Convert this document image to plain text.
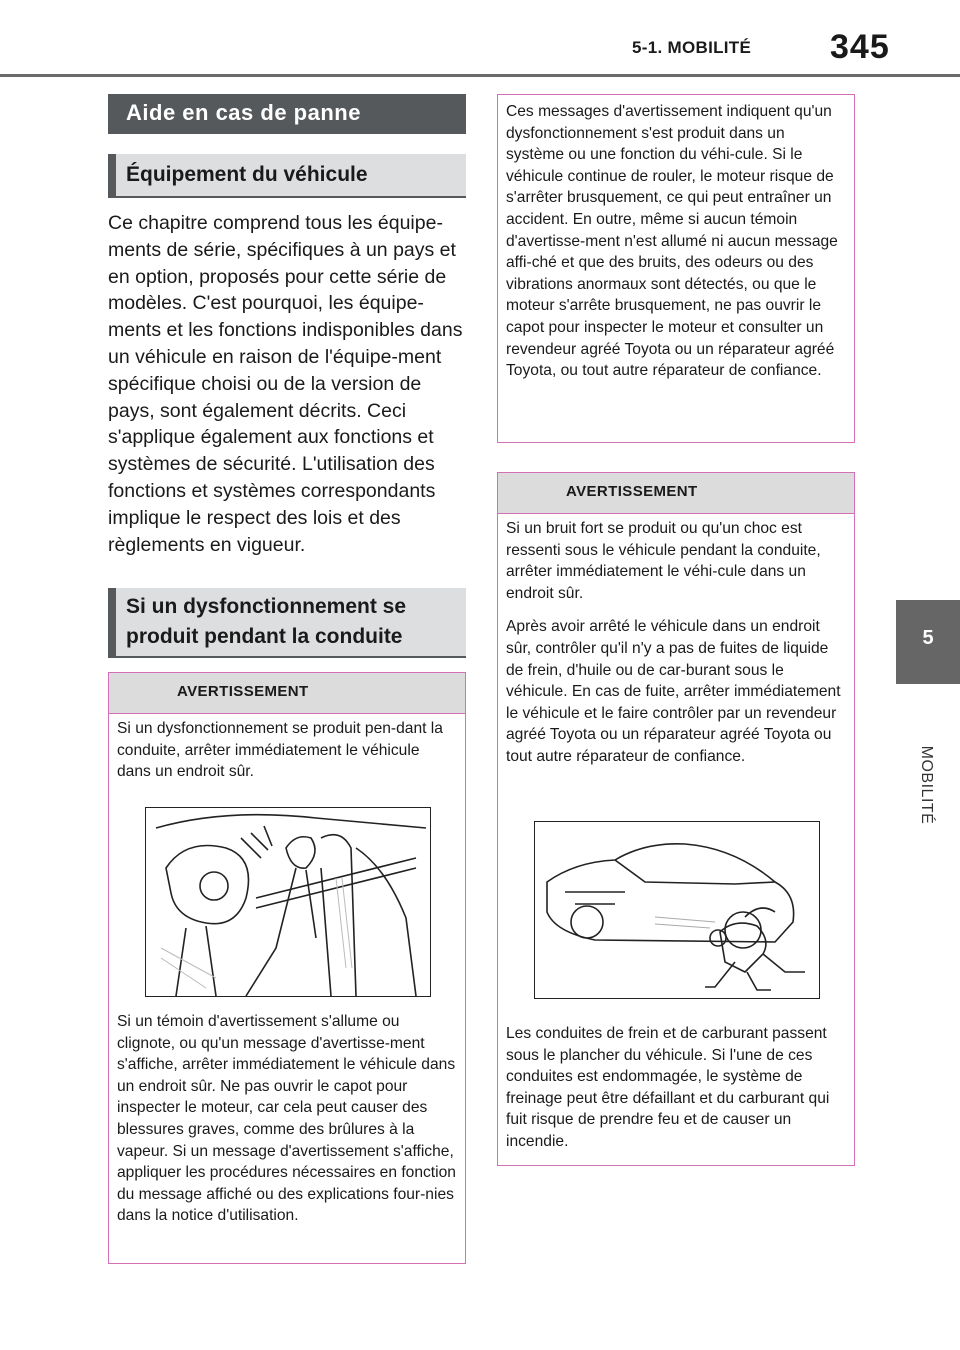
5-1. MOBILITÉ 345
5
MOBILITÉ
Aide en cas de panne
Équipement du véhicule
Ce chapitre comprend tous les équipe-ments de série, spécifiques à un pays et en option, proposés pour cette série de modèles. C'est pourquoi, les équipe-ments et les fonctions indisponibles dans un véhicule en raison de l'équipe-ment spécifique choisi ou de la version de pays, sont également décrits. Ceci s'applique également aux fonctions et systèmes de sécurité. L'utilisation des fonctions et systèmes correspondants implique le respect des lois et des règlements en vigueur.
Si un dysfonctionnement se
produit pendant la conduite
AVERTISSEMENT

Si un dysfonctionnement se produit pen-dant la conduite, arrêter immédiatement le véhicule dans un endroit sûr.

Si un témoin d'avertissement s'allume ou clignote, ou qu'un message d'avertisse-ment s'affiche, arrêter immédiatement le véhicule dans un endroit sûr. Ne pas ouvrir le capot pour inspecter le moteur, car cela peut causer des blessures graves, comme des brûlures à la vapeur. Si un message d'avertissement s'affiche, appliquer les procédures nécessaires en fonction du message affiché ou des explications four-nies dans la notice d'utilisation.

Ces messages d'avertissement indiquent qu'un dysfonctionnement s'est produit dans un système ou une fonction du véhi-cule. Si le véhicule continue de rouler, le moteur risque de s'arrêter brusquement, ce qui peut entraîner un accident. En outre, même si aucun témoin d'avertisse-ment n'est allumé ni aucun message affi-ché et que des bruits, des odeurs ou des vibrations anormaux sont détectés, ou que le moteur s'arrête brusquement, ne pas ouvrir le capot pour inspecter le moteur et consulter un revendeur agréé Toyota ou un réparateur agréé Toyota, ou tout autre réparateur de confiance.

AVERTISSEMENT

Si un bruit fort se produit ou qu'un choc est ressenti sous le véhicule pendant la conduite, arrêter immédiatement le véhi-cule dans un endroit sûr.

Après avoir arrêté le véhicule dans un endroit sûr, contrôler qu'il n'y a pas de fuites de liquide de frein, d'huile ou de car-burant sous le véhicule. En cas de fuite, arrêter immédiatement le véhicule et le faire contrôler par un revendeur agréé Toyota ou un réparateur agréé Toyota ou tout autre réparateur de confiance.

Les conduites de frein et de carburant passent sous le plancher du véhicule. Si l'une de ces conduites est endommagée, le système de freinage peut être défaillant et du carburant qui fuit risque de prendre feu et de causer un incendie.
